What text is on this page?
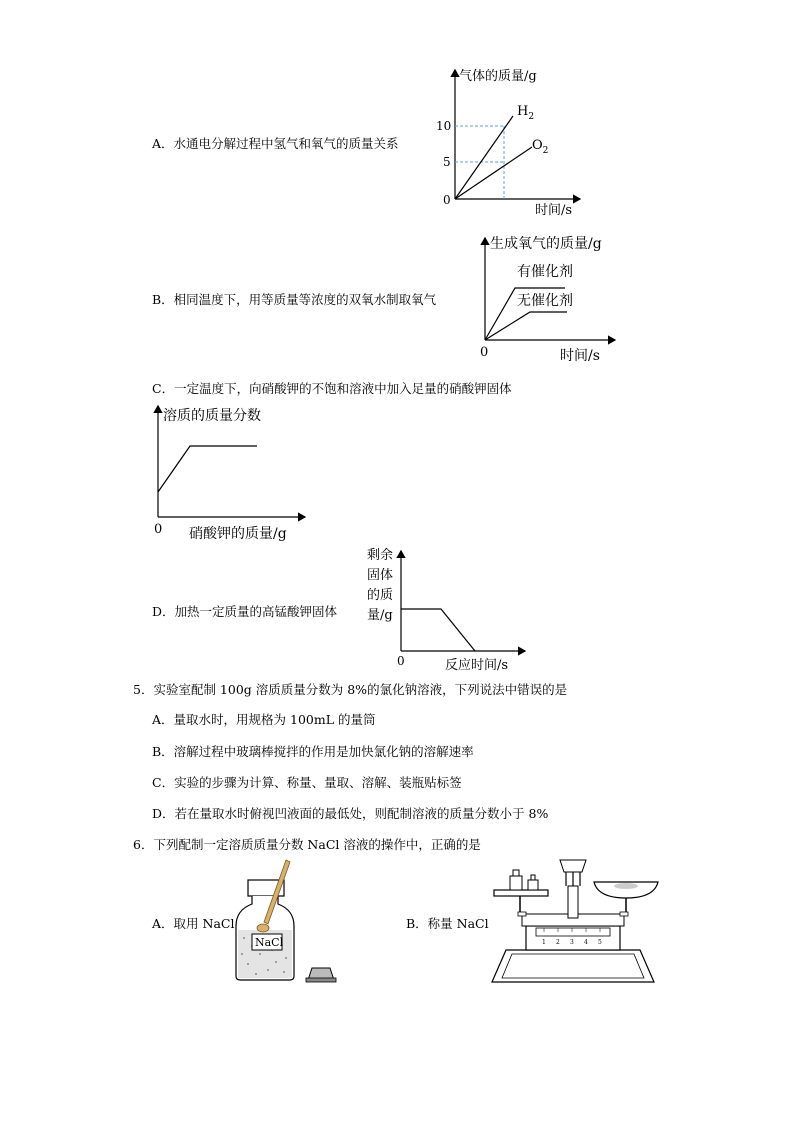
A．水通电分解过程中氢气和氧气的质量关系
气体的质量/g
10
5
0
时间/s
$H_2$
$O_2$
B．相同温度下，用等质量等浓度的双氧水制取氧气
生成氧气的质量/g
有催化剂
无催化剂
0	时间/s
C．一定温度下，向硝酸钾的不饱和溶液中加入足量的硝酸钾固体
溶质的质量分数
0 硝酸钾的质量/g
D．加热一定质量的高锰酸钾固体
剩余
固体
的质
量/g
0	反应时间/s
5．实验室配制 100g 溶质质量分数为 8%的氯化钠溶液，下列说法中错误的是
A．量取水时，用规格为 100mL 的量筒
B．溶解过程中玻璃棒搅拌的作用是加快氯化钠的溶解速率
C．实验的步骤为计算、称量、量取、溶解、装瓶贴标签
D．若在量取水时俯视凹液面的最低处，则配制溶液的质量分数小于 8%
6．下列配制一定溶质质量分数 NaCl 溶液的操作中，正确的是
A．取用 NaCl	B．称量 NaCl
NaCl	1 2 3 4 5
